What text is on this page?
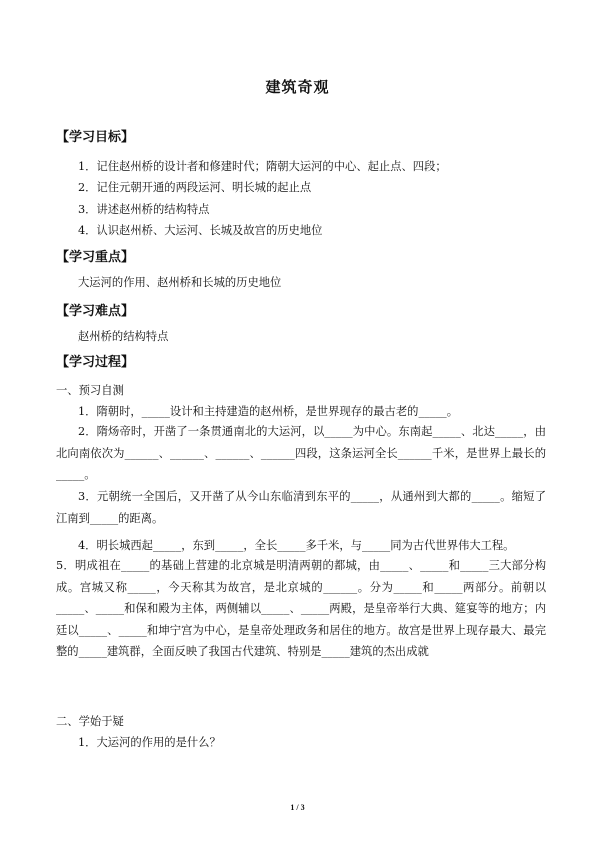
建筑奇观
【学习目标】
1．记住赵州桥的设计者和修建时代；隋朝大运河的中心、起止点、四段；
2．记住元朝开通的两段运河、明长城的起止点
3．讲述赵州桥的结构特点
4．认识赵州桥、大运河、长城及故宫的历史地位
【学习重点】
大运河的作用、赵州桥和长城的历史地位
【学习难点】
赵州桥的结构特点
【学习过程】
一、预习自测
1．隋朝时，_____设计和主持建造的赵州桥，是世界现存的最古老的_____。
2．隋炀帝时，开凿了一条贯通南北的大运河，以_____为中心。东南起_____、北达_____，由北向南依次为______、______、______、______四段，这条运河全长______千米，是世界上最长的_____。
3．元朝统一全国后，又开凿了从今山东临清到东平的_____，从通州到大都的_____。缩短了江南到_____的距离。
4．明长城西起_____，东到_____，全长_____多千米，与_____同为古代世界伟大工程。
5．明成祖在_____的基础上营建的北京城是明清两朝的都城，由_____、_____和_____三大部分构成。宫城又称_____，今天称其为故宫，是北京城的______。分为_____和_____两部分。前朝以_____、_____和保和殿为主体，两侧辅以_____、_____两殿，是皇帝举行大典、筵宴等的地方；内廷以_____、_____和坤宁宫为中心，是皇帝处理政务和居住的地方。故宫是世界上现存最大、最完整的_____建筑群，全面反映了我国古代建筑、特别是_____建筑的杰出成就
二、学始于疑
1．大运河的作用的是什么？
1 / 3
